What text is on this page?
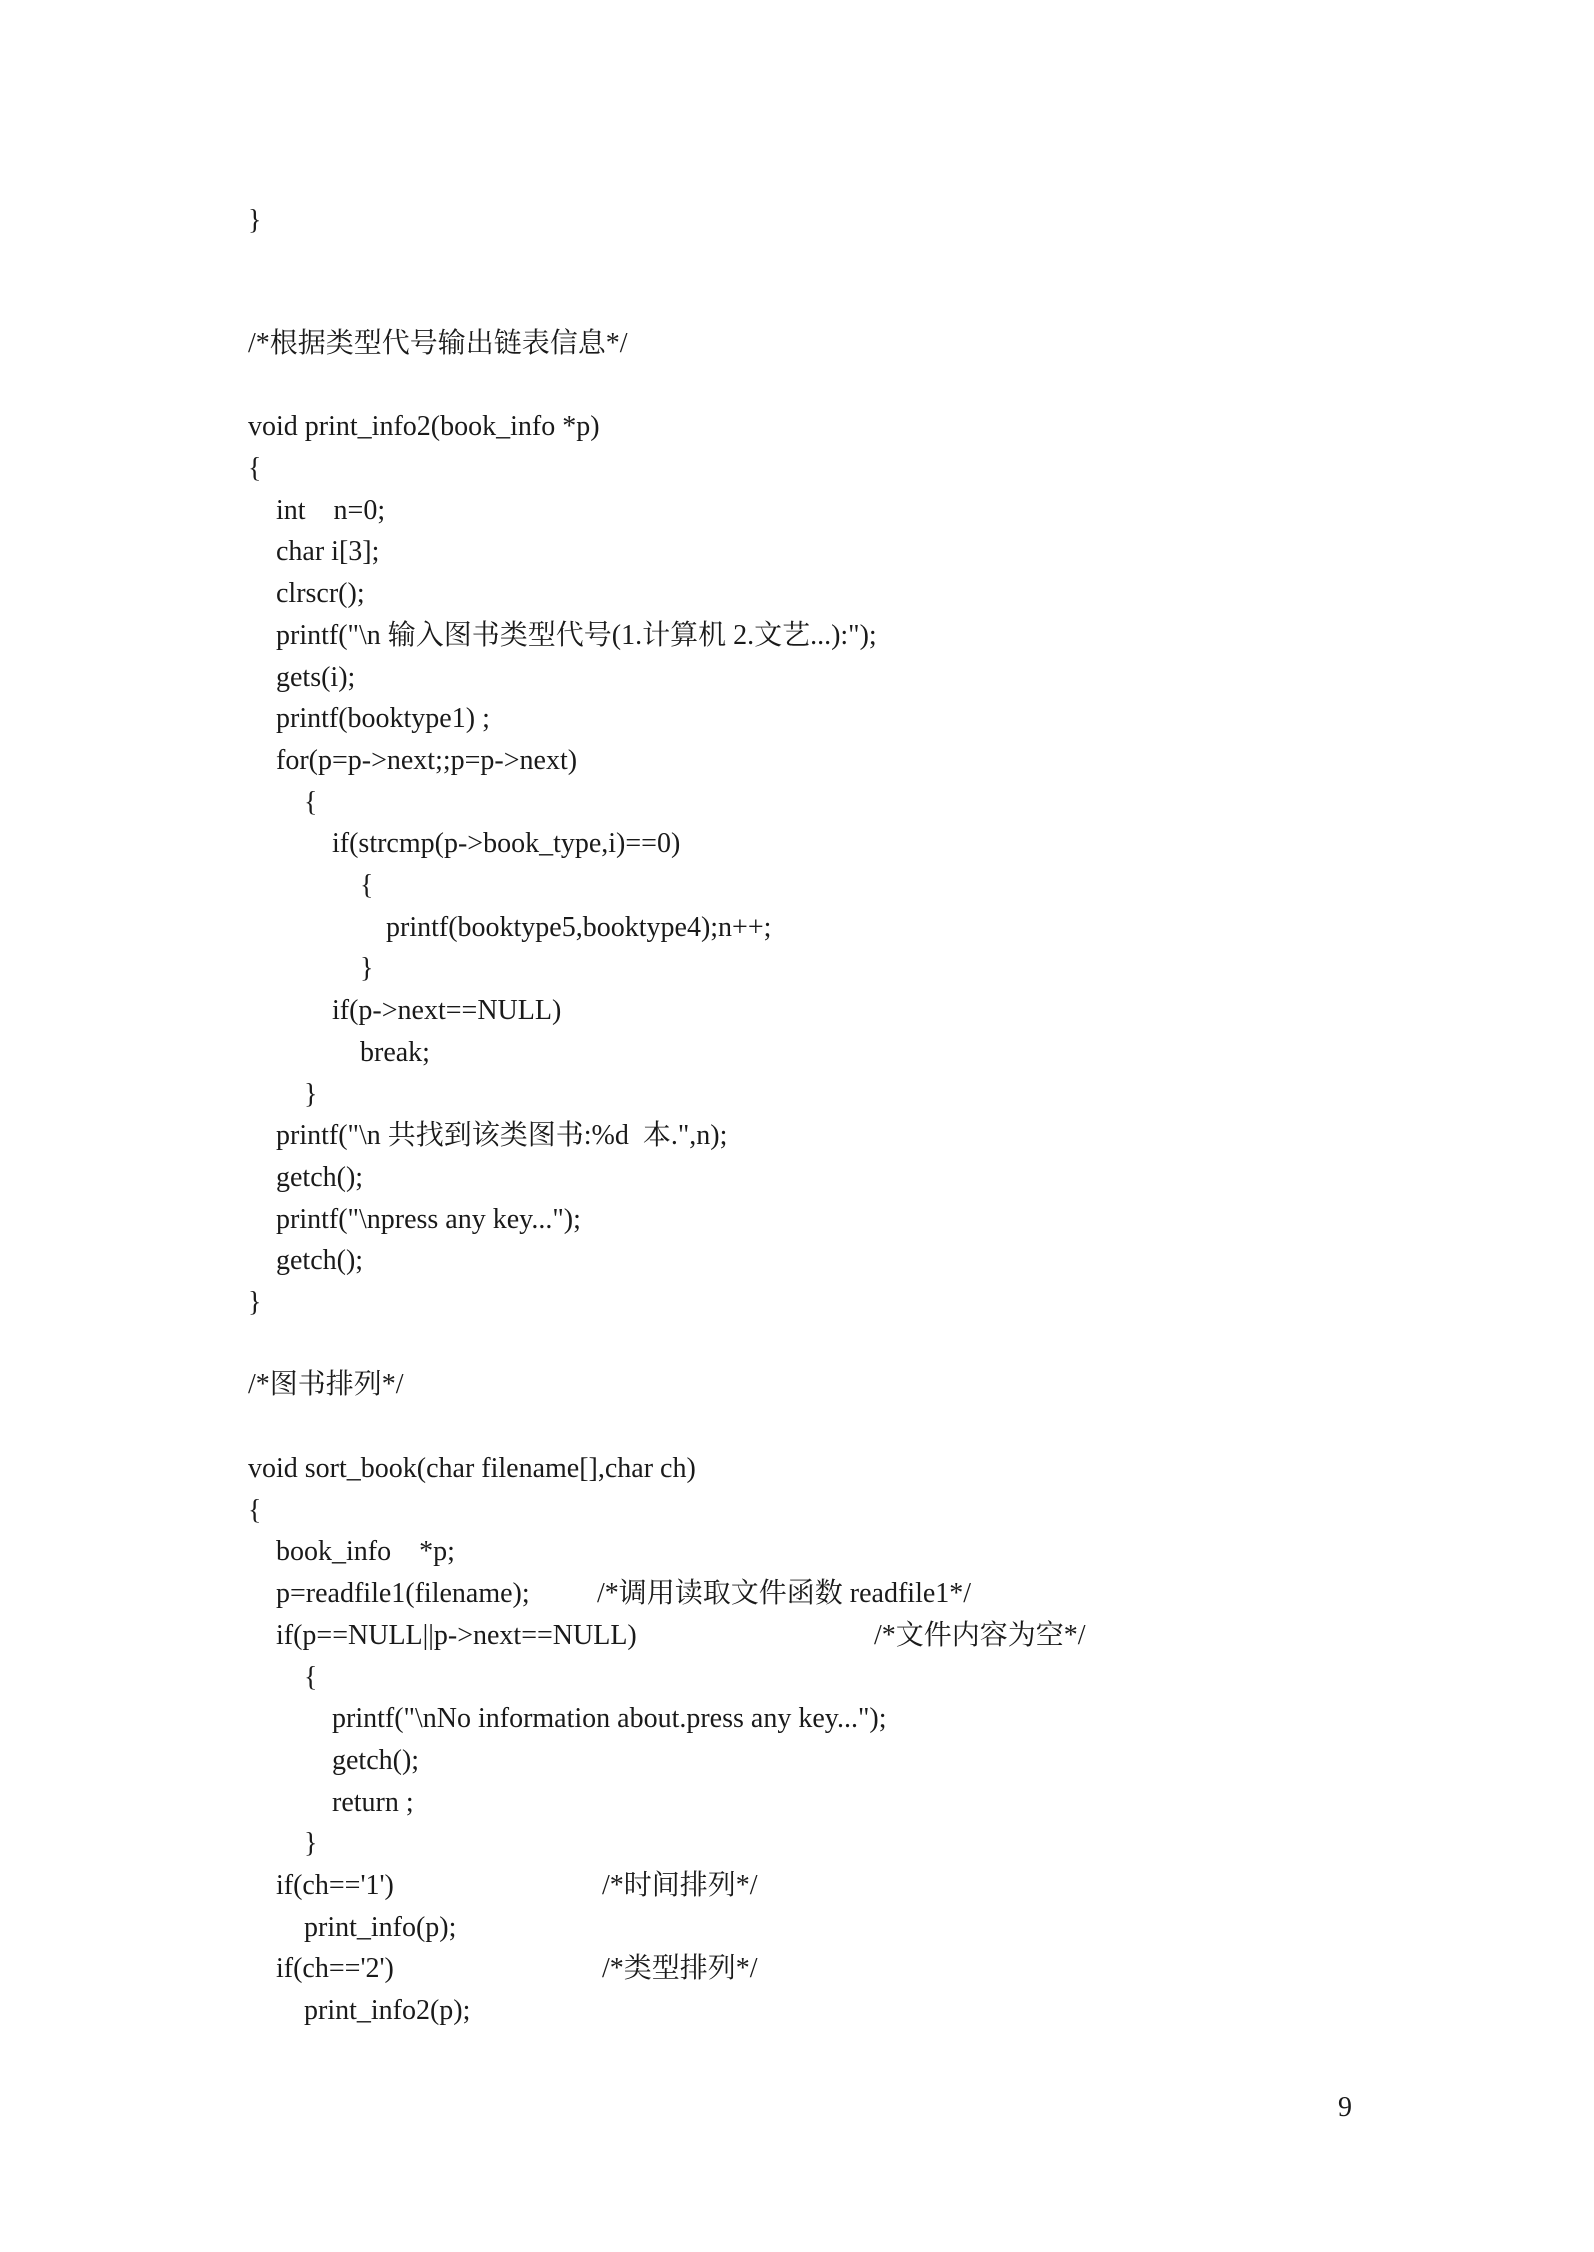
}
/*根据类型代号输出链表信息*/
void print_info2(book_info *p)
{
int    n=0;
char i[3];
clrscr();
printf("\n 输入图书类型代号(1.计算机 2.文艺...):");
gets(i);
printf(booktype1) ;
for(p=p->next;;p=p->next)
{
if(strcmp(p->book_type,i)==0)
{
printf(booktype5,booktype4);n++;
}
if(p->next==NULL)
break;
}
printf("\n 共找到该类图书:%d  本.",n);
getch();
printf("\npress any key...");
getch();
}
/*图书排列*/
void sort_book(char filename[],char ch)
{
book_info    *p;
p=readfile1(filename); /*调用读取文件函数 readfile1*/
if(p==NULL||p->next==NULL)	/*文件内容为空*/
{
printf("\nNo information about.press any key...");
getch();
return ;
}
if(ch=='1')	/*时间排列*/
print_info(p);
if(ch=='2')	/*类型排列*/
print_info2(p);
9
